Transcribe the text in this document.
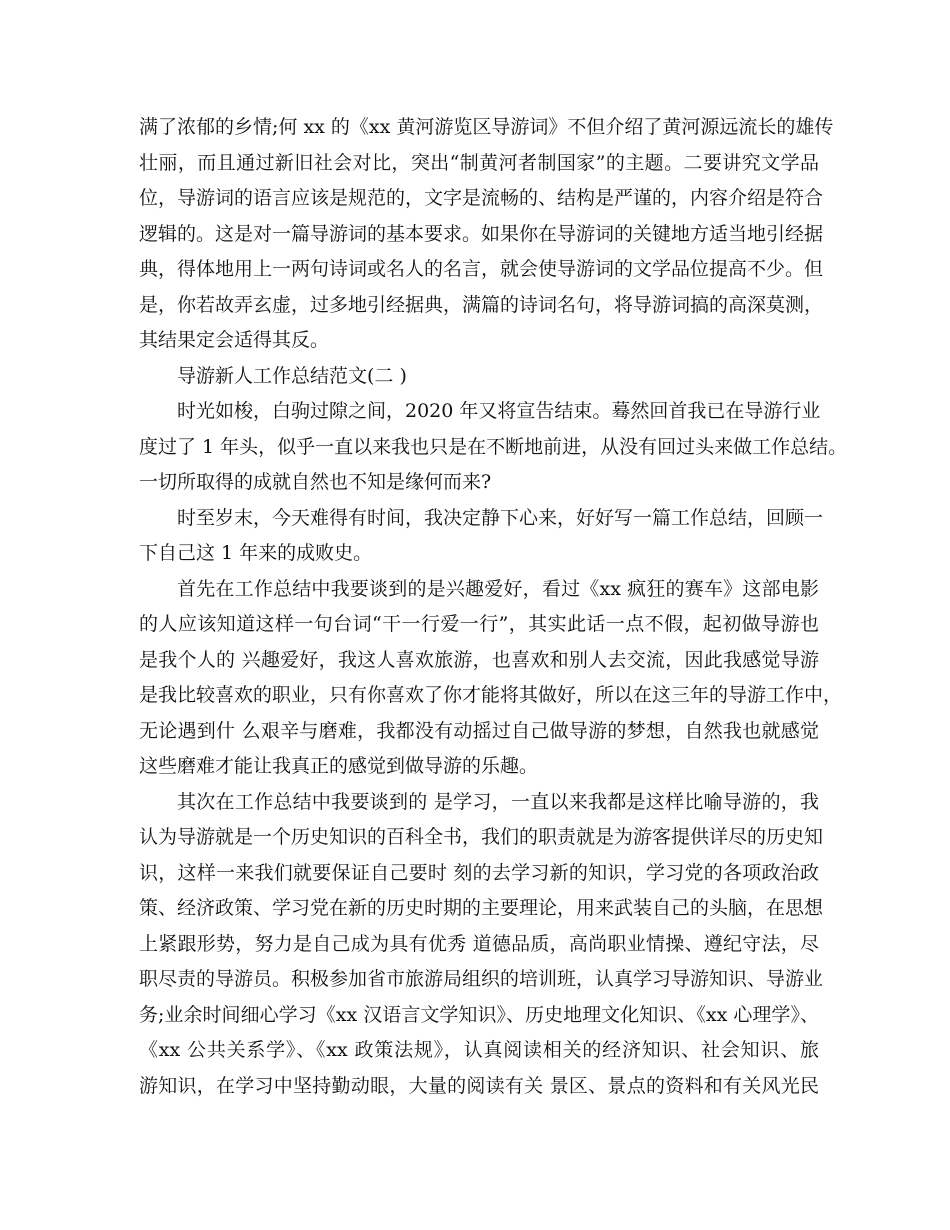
满了浓郁的乡情;何 xx 的《xx 黄河游览区导游词》不但介绍了黄河源远流长的雄传
壮丽，而且通过新旧社会对比，突出“制黄河者制国家”的主题。二要讲究文学品
位，导游词的语言应该是规范的，文字是流畅的、结构是严谨的，内容介绍是符合
逻辑的。这是对一篇导游词的基本要求。如果你在导游词的关键地方适当地引经据
典，得体地用上一两句诗词或名人的名言，就会使导游词的文学品位提高不少。但
是，你若故弄玄虚，过多地引经据典，满篇的诗词名句，将导游词搞的高深莫测，
其结果定会适得其反。
导游新人工作总结范文(二 )
时光如梭，白驹过隙之间，2020 年又将宣告结束。蓦然回首我已在导游行业
度过了 1 年头，似乎一直以来我也只是在不断地前进，从没有回过头来做工作总结。
一切所取得的成就自然也不知是缘何而来?
时至岁末，今天难得有时间，我决定静下心来，好好写一篇工作总结，回顾一
下自己这 1 年来的成败史。
首先在工作总结中我要谈到的是兴趣爱好，看过《xx 疯狂的赛车》这部电影
的人应该知道这样一句台词“干一行爱一行”，其实此话一点不假，起初做导游也
是我个人的 兴趣爱好，我这人喜欢旅游，也喜欢和别人去交流，因此我感觉导游
是我比较喜欢的职业，只有你喜欢了你才能将其做好，所以在这三年的导游工作中，
无论遇到什 么艰辛与磨难，我都没有动摇过自己做导游的梦想，自然我也就感觉
这些磨难才能让我真正的感觉到做导游的乐趣。
其次在工作总结中我要谈到的 是学习，一直以来我都是这样比喻导游的，我
认为导游就是一个历史知识的百科全书，我们的职责就是为游客提供详尽的历史知
识，这样一来我们就要保证自己要时 刻的去学习新的知识，学习党的各项政治政
策、经济政策、学习党在新的历史时期的主要理论，用来武装自己的头脑，在思想
上紧跟形势，努力是自己成为具有优秀 道德品质，高尚职业情操、遵纪守法，尽
职尽责的导游员。积极参加省市旅游局组织的培训班，认真学习导游知识、导游业
务;业余时间细心学习《xx 汉语言文学知识》、历史地理文化知识、《xx 心理学》、
《xx 公共关系学》、《xx 政策法规》，认真阅读相关的经济知识、社会知识、旅
游知识，在学习中坚持勤动眼，大量的阅读有关 景区、景点的资料和有关风光民
